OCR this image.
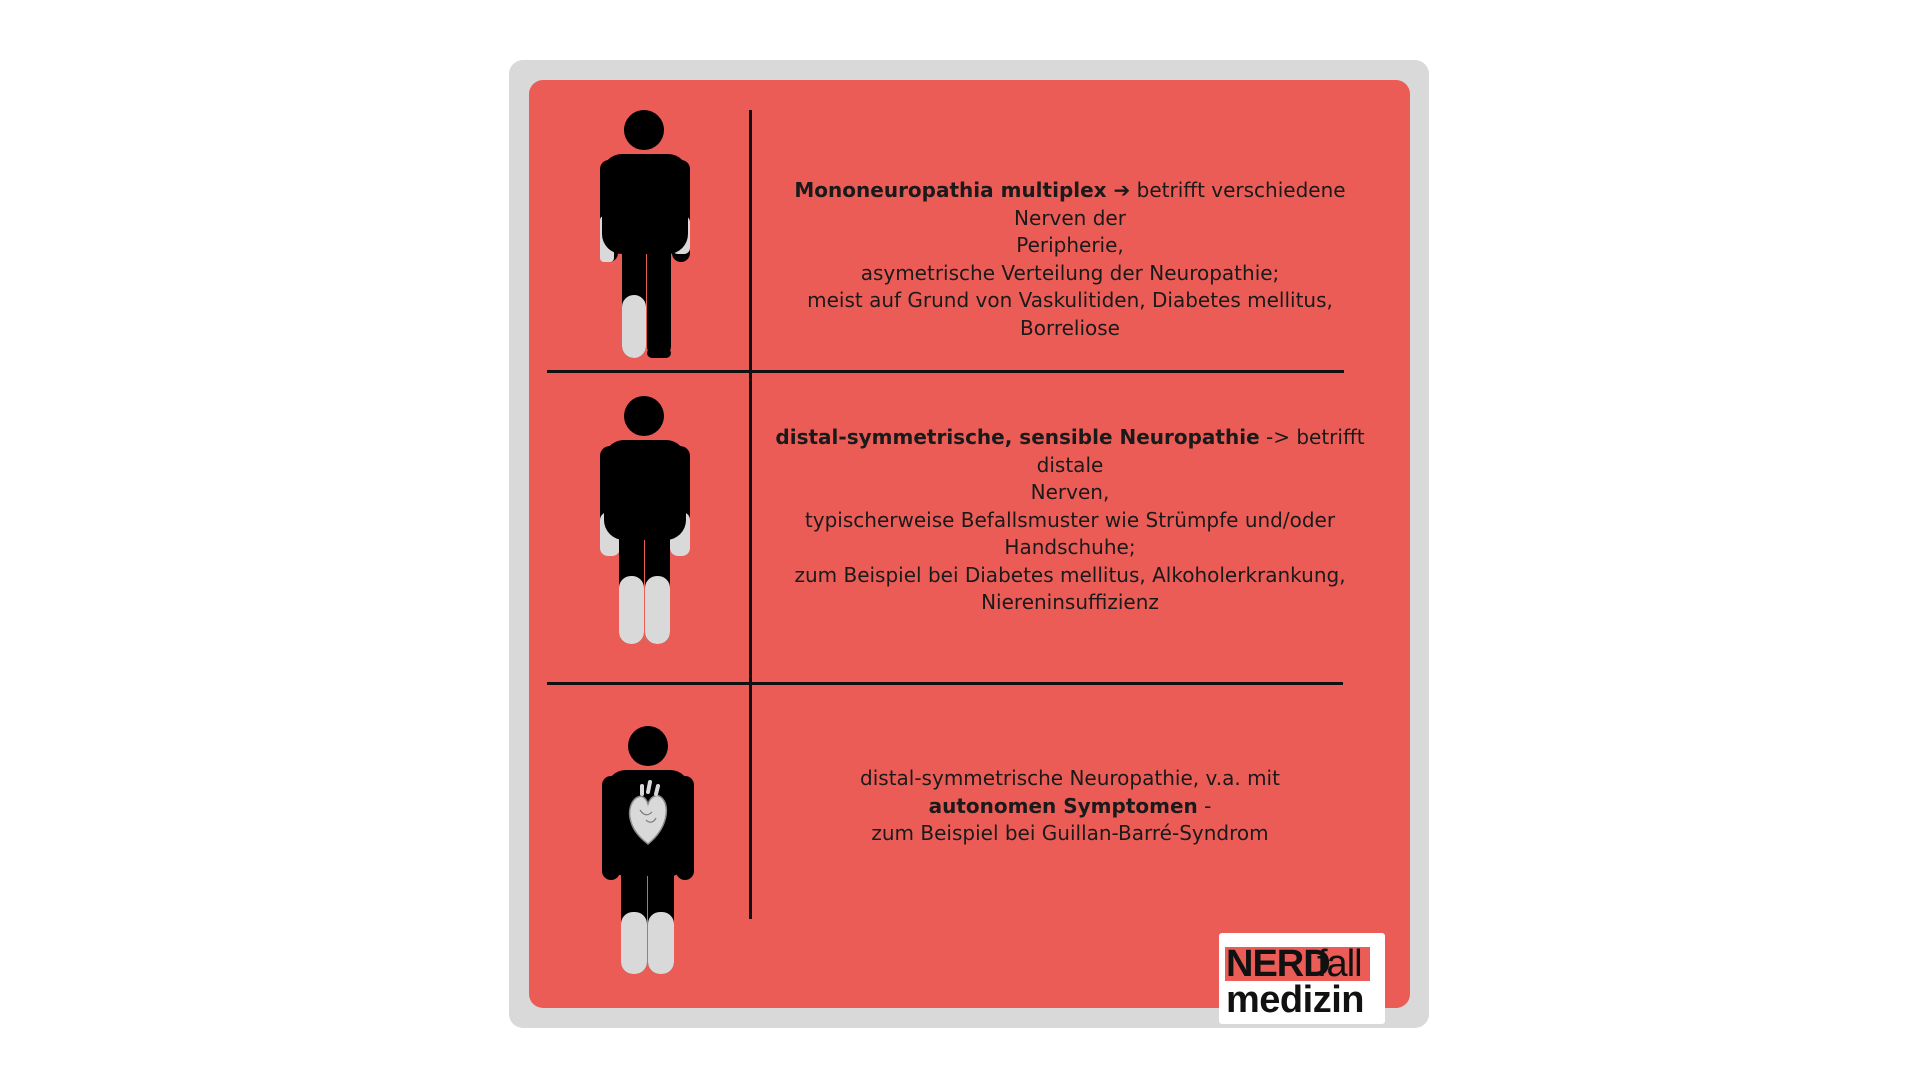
Mononeuropathia multiplex ➔ betrifft verschiedene Nerven der
Peripherie,
asymetrische Verteilung der Neuropathie;
meist auf Grund von Vaskulitiden, Diabetes mellitus, Borreliose
distal-symmetrische, sensible Neuropathie -> betrifft distale
Nerven,
typischerweise Befallsmuster wie Strümpfe und/oder
Handschuhe;
zum Beispiel bei Diabetes mellitus, Alkoholerkrankung,
Niereninsuffizienz
distal-symmetrische Neuropathie, v.a. mit
autonomen Symptomen -
zum Beispiel bei Guillan-Barré-Syndrom
NERD
fall
medizin
